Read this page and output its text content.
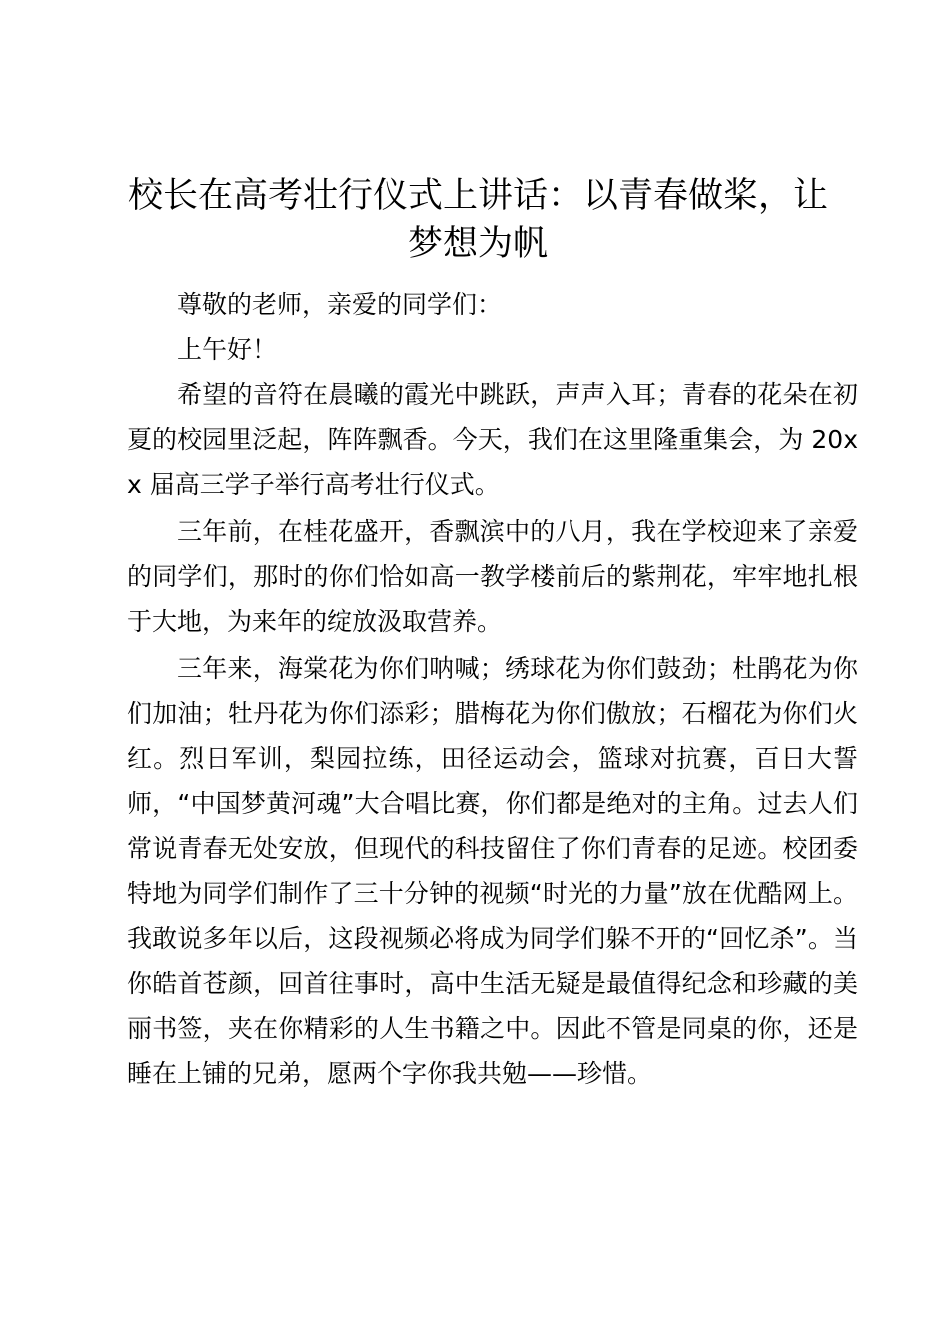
校长在高考壮行仪式上讲话：以青春做桨，让梦想为帆

尊敬的老师，亲爱的同学们：

上午好！

希望的音符在晨曦的霞光中跳跃，声声入耳；青春的花朵在初夏的校园里泛起，阵阵飘香。今天，我们在这里隆重集会，为 20xx 届高三学子举行高考壮行仪式。

三年前，在桂花盛开，香飘滨中的八月，我在学校迎来了亲爱的同学们，那时的你们恰如高一教学楼前后的紫荆花，牢牢地扎根于大地，为来年的绽放汲取营养。

三年来，海棠花为你们呐喊；绣球花为你们鼓劲；杜鹃花为你们加油；牡丹花为你们添彩；腊梅花为你们傲放；石榴花为你们火红。烈日军训，梨园拉练，田径运动会，篮球对抗赛，百日大誓师，“中国梦黄河魂”大合唱比赛，你们都是绝对的主角。过去人们常说青春无处安放，但现代的科技留住了你们青春的足迹。校团委特地为同学们制作了三十分钟的视频“时光的力量”放在优酷网上。我敢说多年以后，这段视频必将成为同学们躲不开的“回忆杀”。当你皓首苍颜，回首往事时，高中生活无疑是最值得纪念和珍藏的美丽书签，夹在你精彩的人生书籍之中。因此不管是同桌的你，还是睡在上铺的兄弟，愿两个字你我共勉——珍惜。
